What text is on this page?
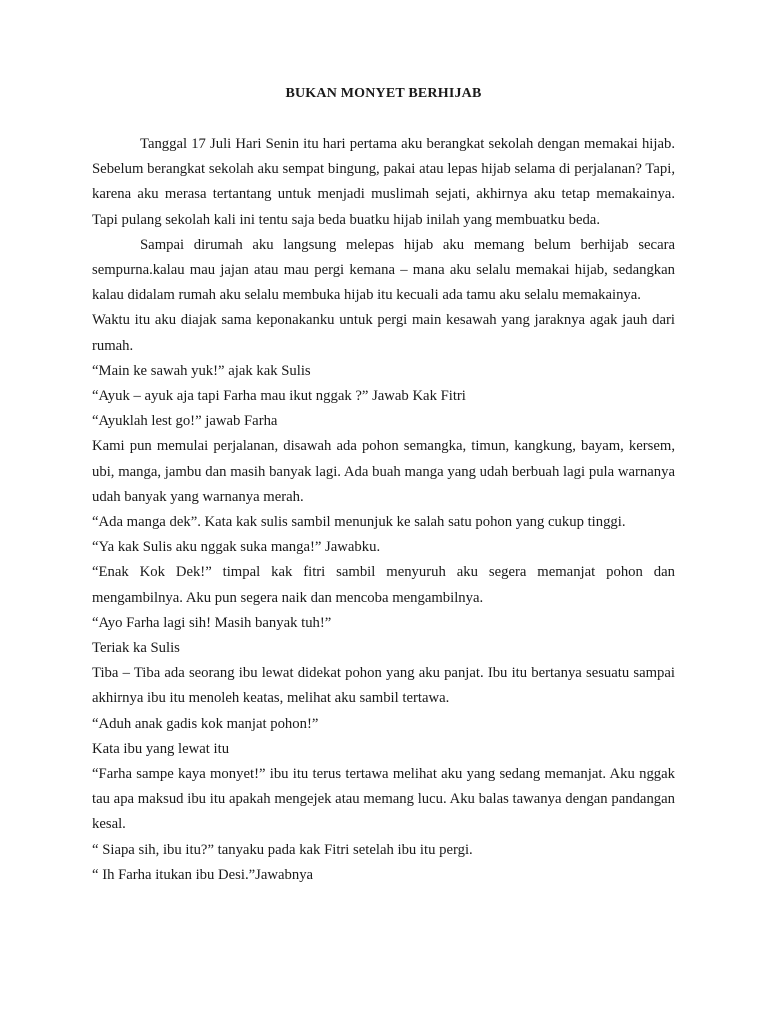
BUKAN MONYET BERHIJAB

Tanggal 17 Juli Hari Senin itu hari pertama aku berangkat sekolah dengan memakai hijab. Sebelum berangkat sekolah aku sempat bingung, pakai atau lepas hijab selama di perjalanan? Tapi, karena aku merasa tertantang untuk menjadi muslimah sejati, akhirnya aku tetap memakainya. Tapi pulang sekolah kali ini tentu saja beda buatku hijab inilah yang membuatku beda.

Sampai dirumah aku langsung melepas hijab aku memang belum berhijab secara sempurna.kalau mau jajan atau mau pergi kemana – mana aku selalu memakai hijab, sedangkan kalau didalam rumah aku selalu membuka hijab itu kecuali ada tamu aku selalu memakainya.

Waktu itu aku diajak sama keponakanku untuk pergi main kesawah yang jaraknya agak jauh dari rumah.

“Main ke sawah yuk!” ajak kak Sulis

“Ayuk – ayuk aja tapi Farha mau ikut nggak ?” Jawab Kak Fitri

“Ayuklah lest go!” jawab Farha

Kami pun memulai perjalanan, disawah ada pohon semangka, timun, kangkung, bayam, kersem, ubi, manga, jambu dan masih banyak lagi. Ada buah manga yang udah berbuah lagi pula warnanya udah banyak yang warnanya merah.

“Ada manga dek”. Kata kak sulis sambil menunjuk ke salah satu pohon yang cukup tinggi.

“Ya kak Sulis aku nggak suka manga!” Jawabku.

“Enak Kok Dek!” timpal kak fitri sambil menyuruh aku segera memanjat pohon dan mengambilnya. Aku pun segera naik dan mencoba mengambilnya.

“Ayo Farha lagi sih! Masih banyak tuh!”

Teriak ka Sulis

Tiba – Tiba ada seorang ibu lewat didekat pohon yang aku panjat. Ibu itu bertanya sesuatu sampai akhirnya ibu itu menoleh keatas, melihat aku sambil tertawa.

“Aduh anak gadis kok manjat pohon!”

Kata ibu yang lewat itu

“Farha sampe kaya monyet!” ibu itu terus tertawa melihat aku yang sedang memanjat. Aku nggak tau apa maksud ibu itu apakah mengejek atau memang lucu. Aku balas tawanya dengan pandangan kesal.

“ Siapa sih, ibu itu?” tanyaku pada kak Fitri setelah ibu itu pergi.

“ Ih Farha itukan ibu Desi.”Jawabnya
